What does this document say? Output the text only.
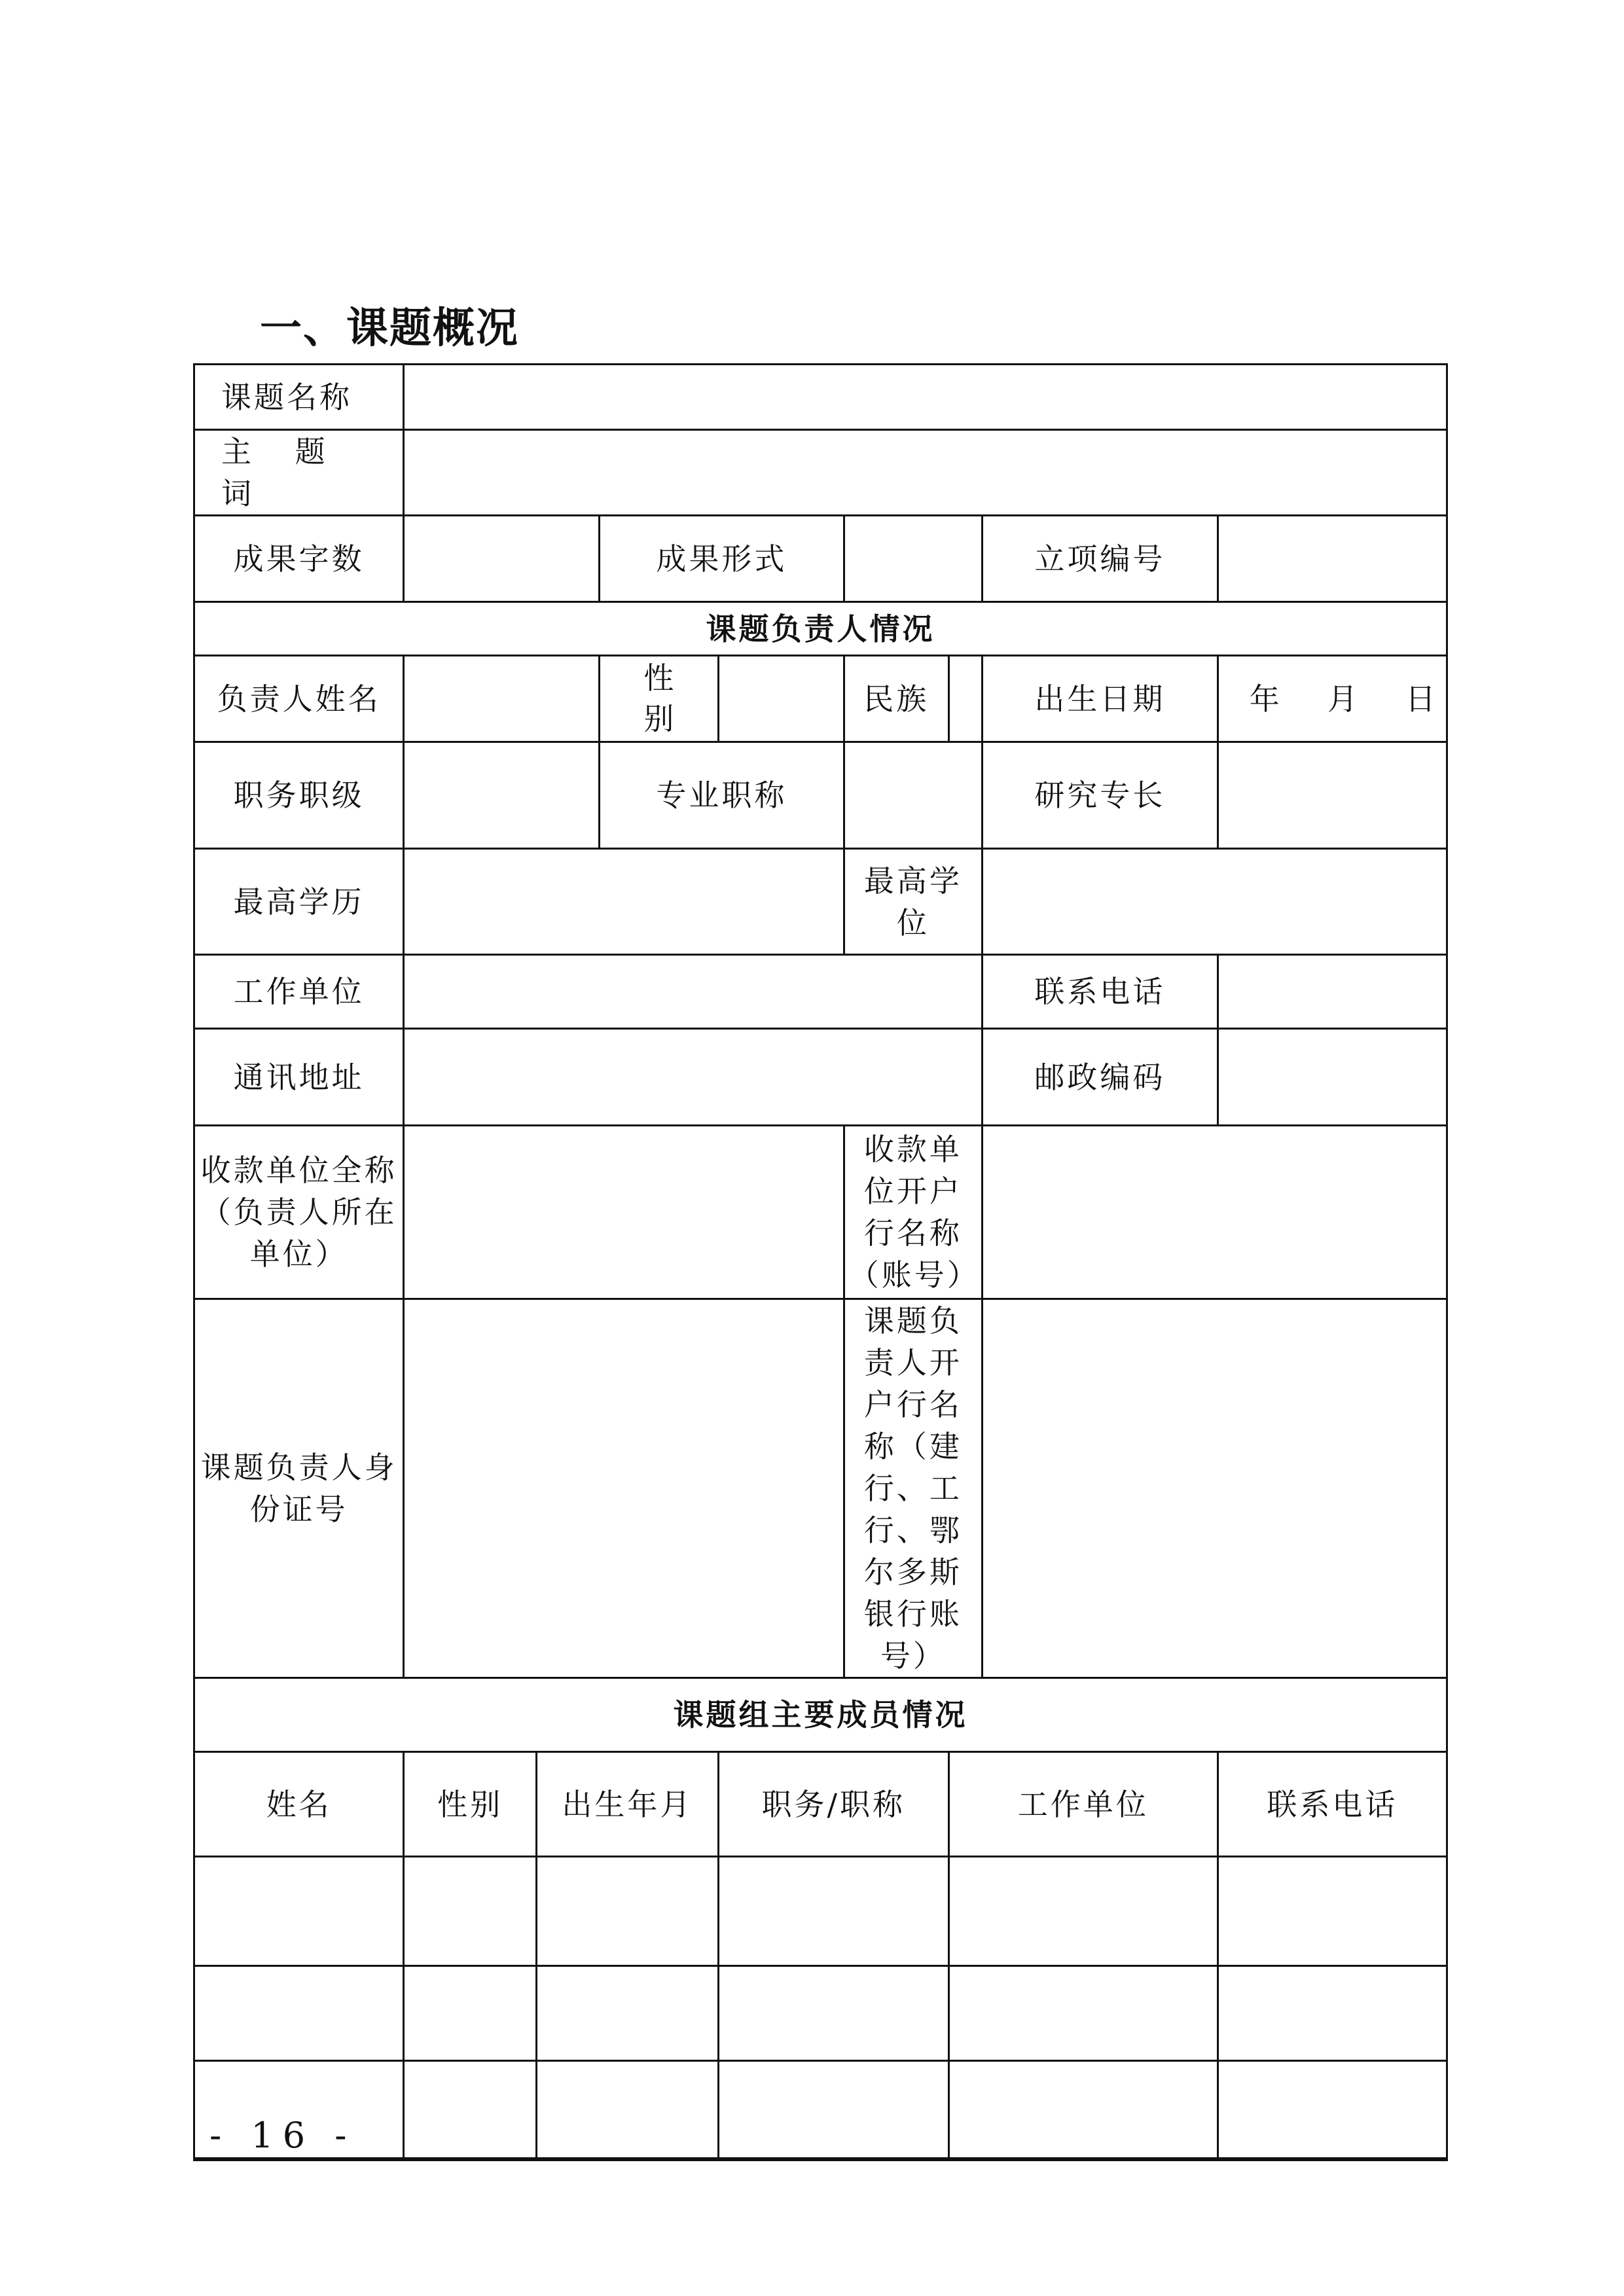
一、课题概况
课题名称								
主 题 词								
成果字数			成果形式				立项编号	
课题负责人情况								
负责人姓名			性别		民族		出生日期	年     月     日
职务职级			专业职称				研究专长	
最高学历					最高学位			
工作单位							联系电话	
通讯地址							邮政编码	
收款单位全称（负责人所在单位）					收款单位开户行名称（账号）			
课题负责人身份证号					课题负责人开户行名称（建行、工行、鄂尔多斯银行账号）			
课题组主要成员情况								
姓名	性别	出生年月		职务/职称		工作单位		联系电话

- 16 -
